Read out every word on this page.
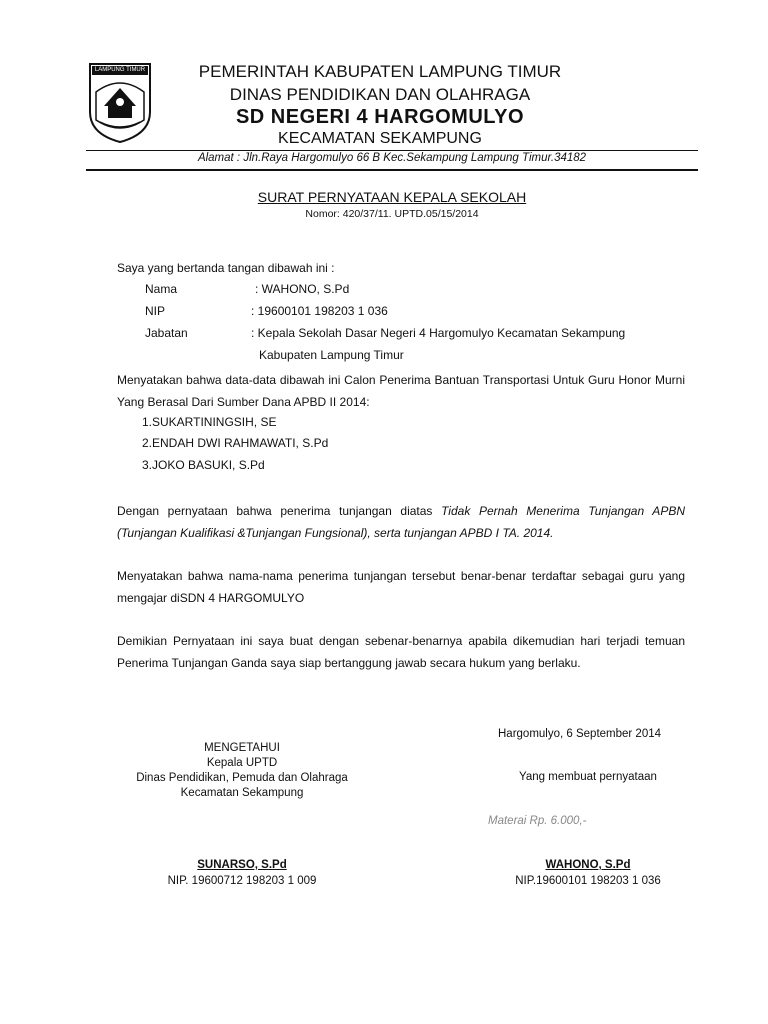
LAMPUNG TIMUR	PEMERINTAH KABUPATEN LAMPUNG TIMUR
DINAS PENDIDIKAN DAN OLAHRAGA
SD NEGERI 4 HARGOMULYO
KECAMATAN SEKAMPUNG
Alamat : Jln.Raya Hargomulyo 66 B Kec.Sekampung Lampung Timur.34182
SURAT PERNYATAAN KEPALA SEKOLAH
Nomor: 420/37/11. UPTD.05/15/2014
Saya yang bertanda tangan dibawah ini :
Nama	: WAHONO, S.Pd
NIP	: 19600101 198203 1 036
Jabatan	: Kepala Sekolah Dasar Negeri 4 Hargomulyo Kecamatan Sekampung
Kabupaten Lampung Timur
Menyatakan bahwa data-data dibawah ini Calon Penerima Bantuan Transportasi Untuk Guru Honor Murni Yang Berasal Dari Sumber Dana APBD II 2014:
1.SUKARTININGSIH, SE
2.ENDAH DWI RAHMAWATI, S.Pd
3.JOKO BASUKI, S.Pd
Dengan pernyataan bahwa penerima tunjangan diatas Tidak Pernah Menerima Tunjangan APBN (Tunjangan Kualifikasi &Tunjangan Fungsional), serta tunjangan APBD I TA. 2014.
Menyatakan bahwa nama-nama penerima tunjangan tersebut benar-benar terdaftar sebagai guru yang mengajar diSDN 4 HARGOMULYO
Demikian Pernyataan ini saya buat dengan sebenar-benarnya apabila dikemudian hari terjadi temuan Penerima Tunjangan Ganda saya siap bertanggung jawab secara hukum yang berlaku.
Hargomulyo, 6 September 2014
MENGETAHUI
Kepala UPTD
Dinas Pendidikan, Pemuda dan Olahraga
Kecamatan Sekampung
Yang membuat pernyataan
Materai Rp. 6.000,-
SUNARSO, S.Pd
NIP. 19600712 198203 1 009
WAHONO, S.Pd
NIP.19600101 198203 1 036
